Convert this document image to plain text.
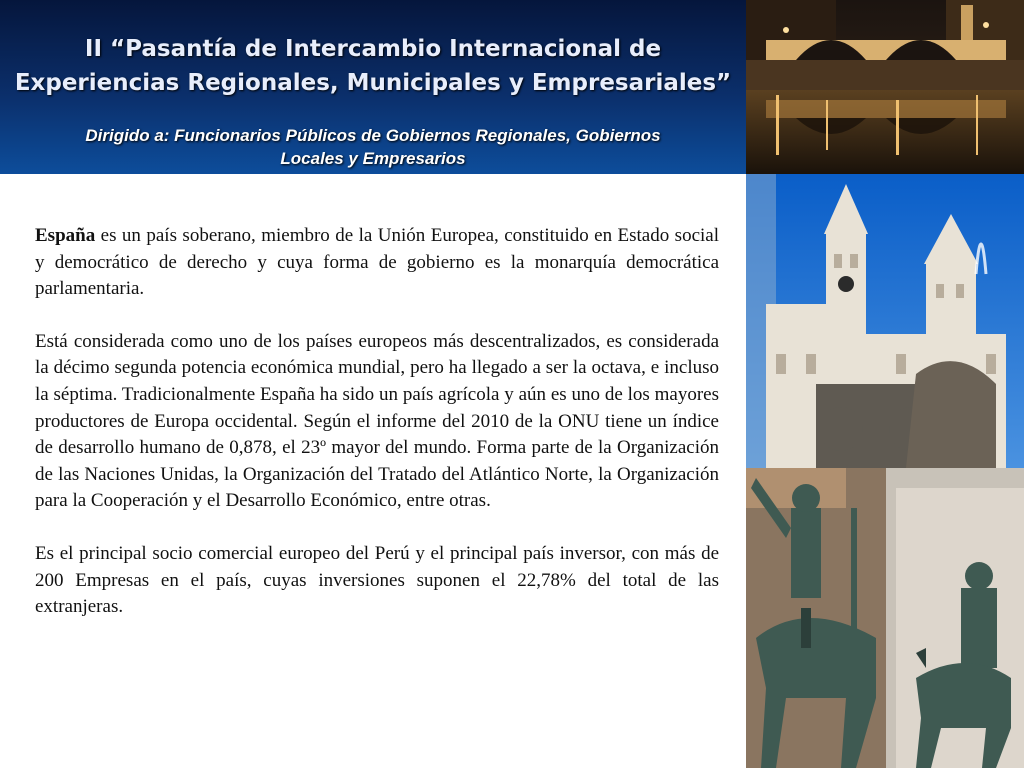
II “Pasantía de Intercambio Internacional de
Experiencias Regionales, Municipales y Empresariales”

Dirigido a: Funcionarios Públicos de Gobiernos Regionales, Gobiernos
Locales y Empresarios

España es un país soberano, miembro de la Unión Europea, constituido en Estado social y democrático de derecho y cuya forma de gobierno es la monarquía democrática parlamentaria.

Está considerada como uno de los países europeos más descentralizados, es considerada la décimo segunda potencia económica mundial, pero ha llegado a ser la octava, e incluso la séptima. Tradicionalmente España ha sido un país agrícola y aún es uno de los mayores productores de Europa occidental. Según el informe del 2010 de la ONU tiene un índice de desarrollo humano de 0,878, el 23º mayor del mundo. Forma parte de la Organización de las Naciones Unidas, la Organización del Tratado del Atlántico Norte, la Organización para la Cooperación y el Desarrollo Económico, entre otras.

Es el principal socio comercial europeo del Perú y el principal país inversor, con más de 200 Empresas en el país, cuyas inversiones suponen el 22,78% del total de las extranjeras.
